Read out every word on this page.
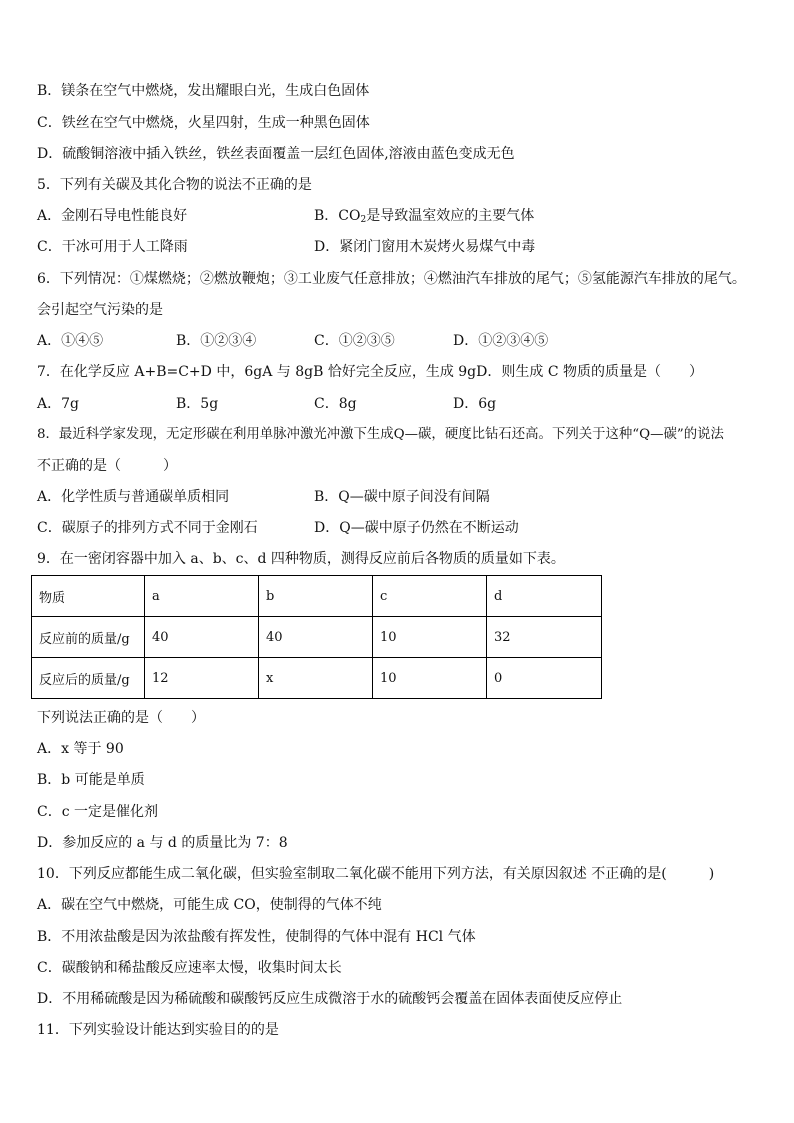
B．镁条在空气中燃烧，发出耀眼白光，生成白色固体
C．铁丝在空气中燃烧，火星四射，生成一种黑色固体
D．硫酸铜溶液中插入铁丝，铁丝表面覆盖一层红色固体,溶液由蓝色变成无色
5．下列有关碳及其化合物的说法不正确的是
A．金刚石导电性能良好	B．$CO_2$是导致温室效应的主要气体
C．干冰可用于人工降雨	D．紧闭门窗用木炭烤火易煤气中毒
6．下列情况：①煤燃烧；②燃放鞭炮；③工业废气任意排放；④燃油汽车排放的尾气；⑤氢能源汽车排放的尾气。
会引起空气污染的是
A．①④⑤	B．①②③④	C．①②③⑤	D．①②③④⑤
7．在化学反应 A+B=C+D 中，6gA 与 8gB 恰好完全反应，生成 9gD．则生成 C 物质的质量是（　　）
A．7g	B．5g	C．8g	D．6g
8．最近科学家发现，无定形碳在利用单脉冲激光冲激下生成Q—碳，硬度比钻石还高。下列关于这种“Q—碳”的说法
不正确的是（　　　）
A．化学性质与普通碳单质相同	B．Q—碳中原子间没有间隔
C．碳原子的排列方式不同于金刚石	D．Q—碳中原子仍然在不断运动
9．在一密闭容器中加入 a、b、c、d 四种物质，测得反应前后各物质的质量如下表。
物质	a	b	c	d
反应前的质量/g	40	40	10	32
反应后的质量/g	12	x	10	0
下列说法正确的是（　　）
A．x 等于 90
B．b 可能是单质
C．c 一定是催化剂
D．参加反应的 a 与 d 的质量比为 7：8
10．下列反应都能生成二氧化碳，但实验室制取二氧化碳不能用下列方法，有关原因叙述 不正确的是(　　　)
A．碳在空气中燃烧，可能生成 CO，使制得的气体不纯
B．不用浓盐酸是因为浓盐酸有挥发性，使制得的气体中混有 HCl 气体
C．碳酸钠和稀盐酸反应速率太慢，收集时间太长
D．不用稀硫酸是因为稀硫酸和碳酸钙反应生成微溶于水的硫酸钙会覆盖在固体表面使反应停止
11．下列实验设计能达到实验目的的是
